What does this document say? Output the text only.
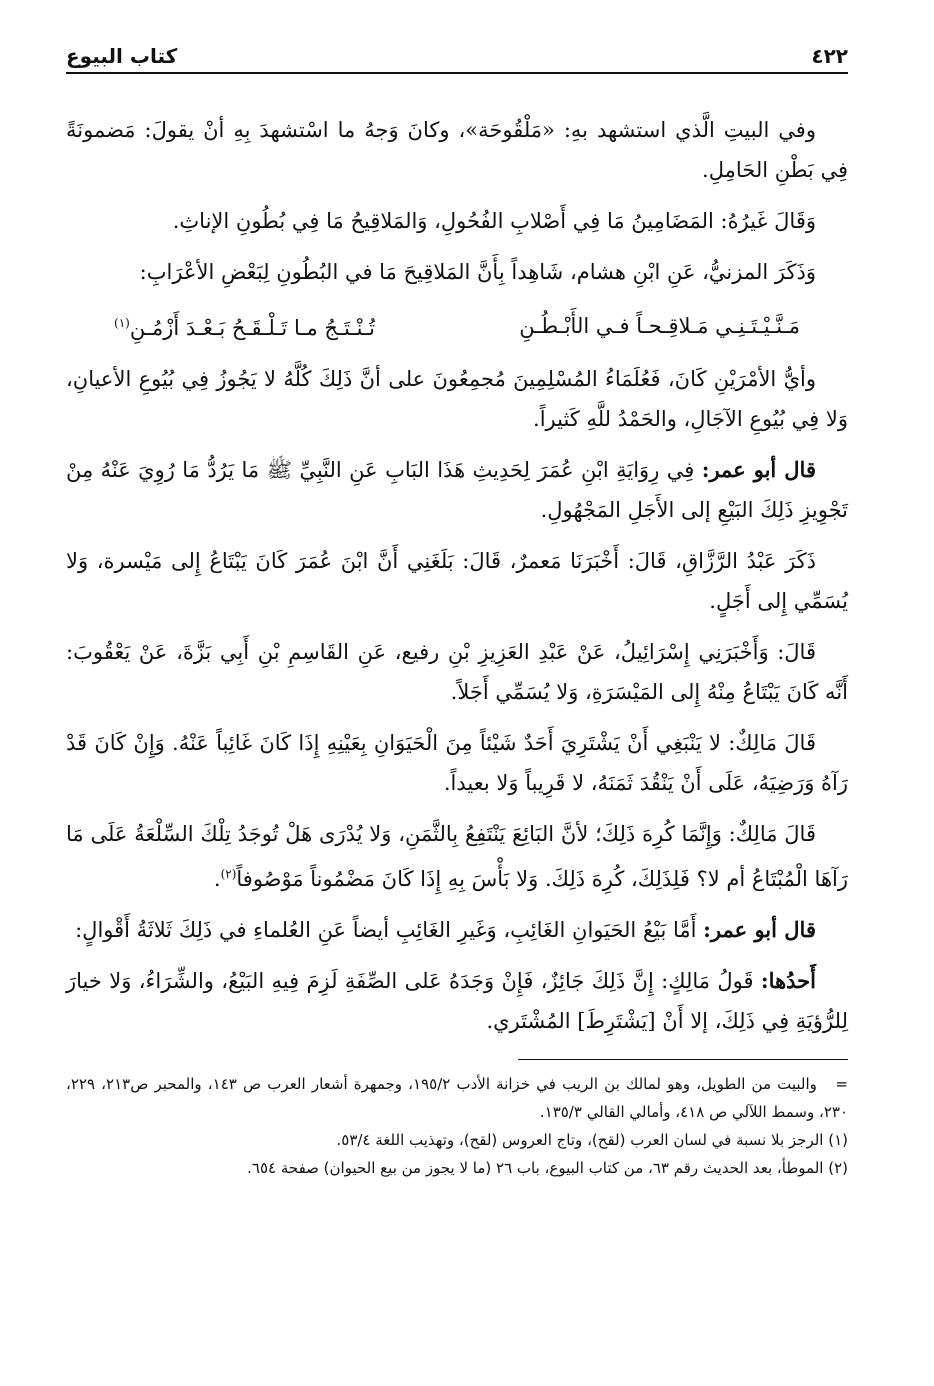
٤٢٢
كتاب البيوع

وفي البيتِ الَّذي استشهد بهِ: «مَلْقُوحَة»، وكانَ وَجهُ ما اسْتشهدَ بِهِ أنْ يقولَ: مَضمونَةً فِي بَطْنِ الحَامِلِ.

وَقَالَ غَيرُهُ: المَضَامِينُ مَا فِي أَصْلابِ الفُحُولِ، وَالمَلاقِيحُ مَا فِي بُطُونِ الإناثِ.

وَذَكَرَ المزنيُّ، عَنِ ابْنِ هشام، شَاهِداً بِأَنَّ المَلاقِيحَ مَا في البُطُونِ لِبَعْضِ الأعْرَابِ:

مَـنَّـيْـتَـنِـي مَـلاقِـحـاً فـي الأَبْـطُـنِ
تُـنْـتَـجُ مـا تَـلْـقَـحُ بَـعْـدَ أَزْمُـنِ$^{(١)}$

وأيُّ الأمْرَيْنِ كَانَ، فَعُلَمَاءُ المُسْلِمِينَ مُجمِعُونَ على أنَّ ذَلِكَ كُلَّهُ لا يَجُوزُ فِي بُيُوعِ الأعيانِ، وَلا فِي بُيُوعِ الآجَالِ، والحَمْدُ للَّهِ كَثيراً.

قال أبو عمر: فِي رِوَايَةِ ابْنِ عُمَرَ لِحَدِيثِ هَذَا البَابِ عَنِ النَّبِيِّ ﷺ مَا يَرُدُّ مَا رُوِيَ عَنْهُ مِنْ تَجْوِيزِ ذَلِكَ البَيْعِ إلى الأَجَلِ المَجْهُولِ.

ذَكَرَ عَبْدُ الرَّزَّاقِ، قَالَ: أَخْبَرَنَا مَعمرٌ، قَالَ: بَلَغَنِي أَنَّ ابْنَ عُمَرَ كَانَ يَبْتَاعُ إِلى مَيْسرة، وَلا يُسَمِّي إِلى أَجَلٍ.

قَالَ: وَأَخْبَرَنِي إِسْرَائِيلُ، عَنْ عَبْدِ العَزِيزِ بْنِ رفيع، عَنِ القَاسِمِ بْنِ أَبِي بَزَّةَ، عَنْ يَعْقُوبَ: أَنَّه كَانَ يَبْتَاعُ مِنْهُ إِلى المَيْسَرَةِ، وَلا يُسَمِّي أَجَلاً.

قَالَ مَالِكٌ: لا يَنْبَغِي أَنْ يَشْتَرِيَ أَحَدٌ شَيْئاً مِنَ الْحَيَوَانِ بِعَيْنِهِ إِذَا كَانَ غَائِباً عَنْهُ. وَإِنْ كَانَ قَدْ رَآهُ وَرَضِيَهُ، عَلَى أَنْ يَنْقُدَ ثَمَنَهُ، لا قَرِيباً وَلا بعيداً.

قَالَ مَالِكٌ: وَإِنَّمَا كُرِهَ ذَلِكَ؛ لأنَّ البَائِعَ يَنْتَفِعُ بِالثَّمَنِ، وَلا يُدْرَى هَلْ تُوجَدُ تِلْكَ السِّلْعَةُ عَلَى مَا رَآهَا الْمُبْتَاعُ أم لا؟ فَلِذَلِكَ، كُرِهَ ذَلِكَ. وَلا بَأْسَ بِهِ إِذَا كَانَ مَضْمُوناً مَوْصُوفاً$^{(٢)}$.

قال أبو عمر: أَمَّا بَيْعُ الحَيَوانِ الغَائِبِ، وَغَيرِ الغَائِبِ أيضاً عَنِ العُلماءِ في ذَلِكَ ثَلاثَةُ أَقْوالٍ:

أَحدُها: قَولُ مَالِكٍ: إِنَّ ذَلِكَ جَائِزٌ، فَإِنْ وَجَدَهُ عَلى الصِّفَةِ لَزِمَ فِيهِ البَيْعُ، والشِّرَاءُ، وَلا خيارَ لِلرُّؤيَةِ فِي ذَلِكَ، إلا أَنْ [يَشْتَرِطَ] المُشْتَري.

=   والبيت من الطويل، وهو لمالك بن الريب في خزانة الأدب ١٩٥/٢، وجمهرة أشعار العرب ص ١٤٣، والمحبر ص٢١٣، ٢٢٩، ٢٣٠، وسمط اللآلي ص ٤١٨، وأمالي القالي ١٣٥/٣.

(١) الرجز بلا نسبة في لسان العرب (لقح)، وتاج العروس (لقح)، وتهذيب اللغة ٥٣/٤.

(٢) الموطأ، بعد الحديث رقم ٦٣، من كتاب البيوع، باب ٢٦ (ما لا يجوز من بيع الحيوان) صفحة ٦٥٤.
